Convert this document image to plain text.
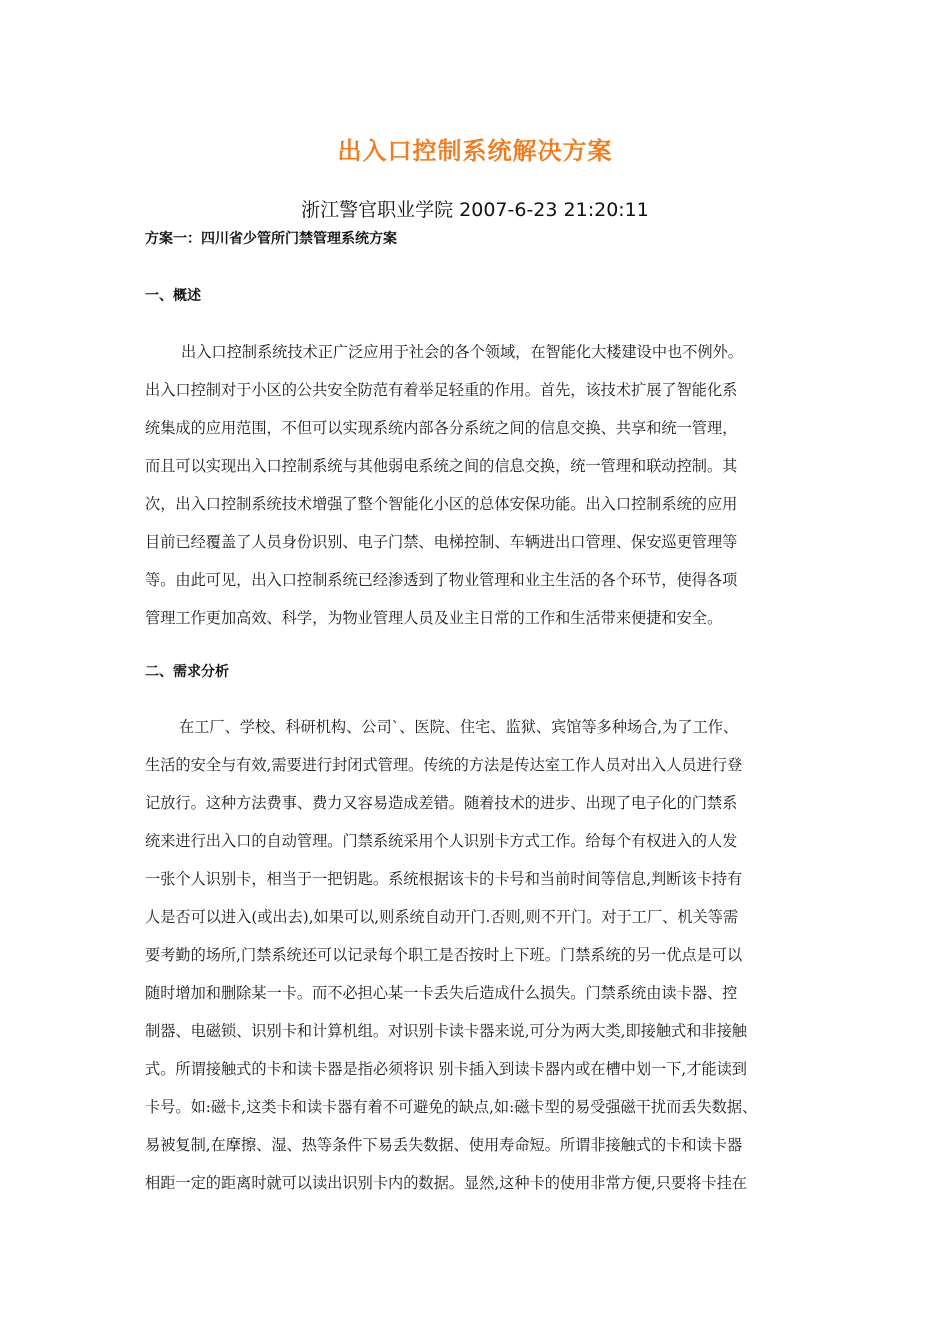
出入口控制系统解决方案
浙江警官职业学院 2007-6-23 21:20:11
方案一：四川省少管所门禁管理系统方案
一、概述
出入口控制系统技术正广泛应用于社会的各个领域，在智能化大楼建设中也不例外。
出入口控制对于小区的公共安全防范有着举足轻重的作用。首先，该技术扩展了智能化系
统集成的应用范围，不但可以实现系统内部各分系统之间的信息交换、共享和统一管理，
而且可以实现出入口控制系统与其他弱电系统之间的信息交换，统一管理和联动控制。其
次，出入口控制系统技术增强了整个智能化小区的总体安保功能。出入口控制系统的应用
目前已经覆盖了人员身份识别、电子门禁、电梯控制、车辆进出口管理、保安巡更管理等
等。由此可见，出入口控制系统已经渗透到了物业管理和业主生活的各个环节，使得各项
管理工作更加高效、科学，为物业管理人员及业主日常的工作和生活带来便捷和安全。
二、需求分析
在工厂、学校、科研机构、公司`、医院、住宅、监狱、宾馆等多种场合,为了工作、
生活的安全与有效,需要进行封闭式管理。传统的方法是传达室工作人员对出入人员进行登
记放行。这种方法费事、费力又容易造成差错。随着技术的进步、出现了电子化的门禁系
统来进行出入口的自动管理。门禁系统采用个人识别卡方式工作。给每个有权进入的人发
一张个人识别卡，相当于一把钥匙。系统根据该卡的卡号和当前时间等信息,判断该卡持有
人是否可以进入(或出去),如果可以,则系统自动开门.否则,则不开门。对于工厂、机关等需
要考勤的场所,门禁系统还可以记录每个职工是否按时上下班。门禁系统的另一优点是可以
随时增加和删除某一卡。而不必担心某一卡丢失后造成什么损失。门禁系统由读卡器、控
制器、电磁锁、识别卡和计算机组。对识别卡读卡器来说,可分为两大类,即接触式和非接触
式。所谓接触式的卡和读卡器是指必须将识 别卡插入到读卡器内或在槽中划一下,才能读到
卡号。如:磁卡,这类卡和读卡器有着不可避免的缺点,如:磁卡型的易受强磁干扰而丢失数据、
易被复制,在摩擦、湿、热等条件下易丢失数据、使用寿命短。所谓非接触式的卡和读卡器
相距一定的距离时就可以读出识别卡内的数据。显然,这种卡的使用非常方便,只要将卡挂在
